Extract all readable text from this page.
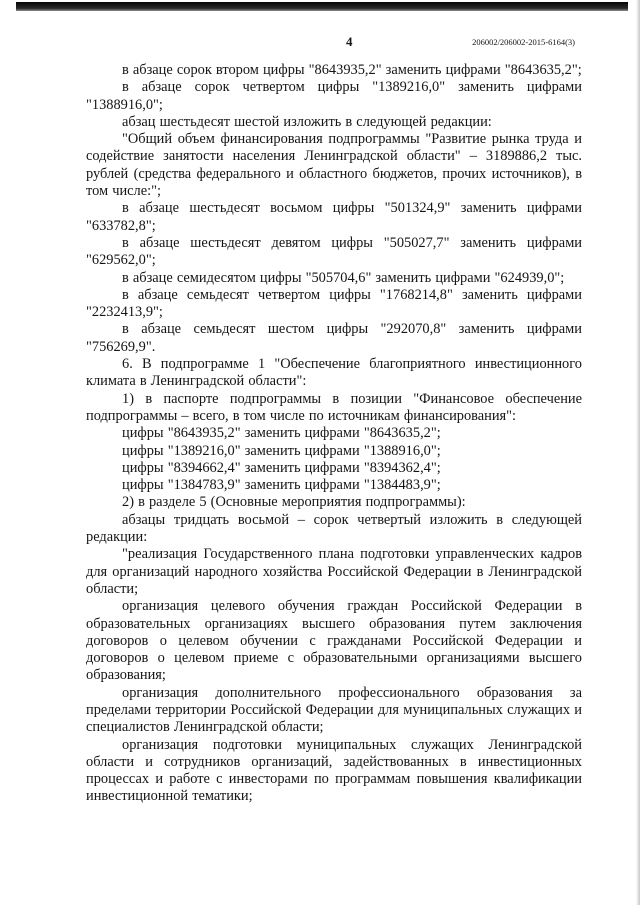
4	206002/206002-2015-6164(3)

в абзаце сорок втором цифры "8643935,2" заменить цифрами "8643635,2";

в абзаце сорок четвертом цифры "1389216,0" заменить цифрами "1388916,0";

абзац шестьдесят шестой изложить в следующей редакции:

"Общий объем финансирования подпрограммы "Развитие рынка труда и содействие занятости населения Ленинградской области" – 3189886,2 тыс. рублей (средства федерального и областного бюджетов, прочих источников), в том числе:";

в абзаце шестьдесят восьмом цифры "501324,9" заменить цифрами "633782,8";

в абзаце шестьдесят девятом цифры "505027,7" заменить цифрами "629562,0";

в абзаце семидесятом цифры "505704,6" заменить цифрами "624939,0";

в абзаце семьдесят четвертом цифры "1768214,8" заменить цифрами "2232413,9";

в абзаце семьдесят шестом цифры "292070,8" заменить цифрами "756269,9".

6. В подпрограмме 1 "Обеспечение благоприятного инвестиционного климата в Ленинградской области":

1) в паспорте подпрограммы в позиции "Финансовое обеспечение подпрограммы – всего, в том числе по источникам финансирования":

цифры "8643935,2" заменить цифрами "8643635,2";

цифры "1389216,0" заменить цифрами "1388916,0";

цифры "8394662,4" заменить цифрами "8394362,4";

цифры "1384783,9" заменить цифрами "1384483,9";

2) в разделе 5 (Основные мероприятия подпрограммы):

абзацы тридцать восьмой – сорок четвертый изложить в следующей редакции:

"реализация Государственного плана подготовки управленческих кадров для организаций народного хозяйства Российской Федерации в Ленинградской области;

организация целевого обучения граждан Российской Федерации в образовательных организациях высшего образования путем заключения договоров о целевом обучении с гражданами Российской Федерации и договоров о целевом приеме с образовательными организациями высшего образования;

организация дополнительного профессионального образования за пределами территории Российской Федерации для муниципальных служащих и специалистов Ленинградской области;

организация подготовки муниципальных служащих Ленинградской области и сотрудников организаций, задействованных в инвестиционных процессах и работе с инвесторами по программам повышения квалификации инвестиционной тематики;
